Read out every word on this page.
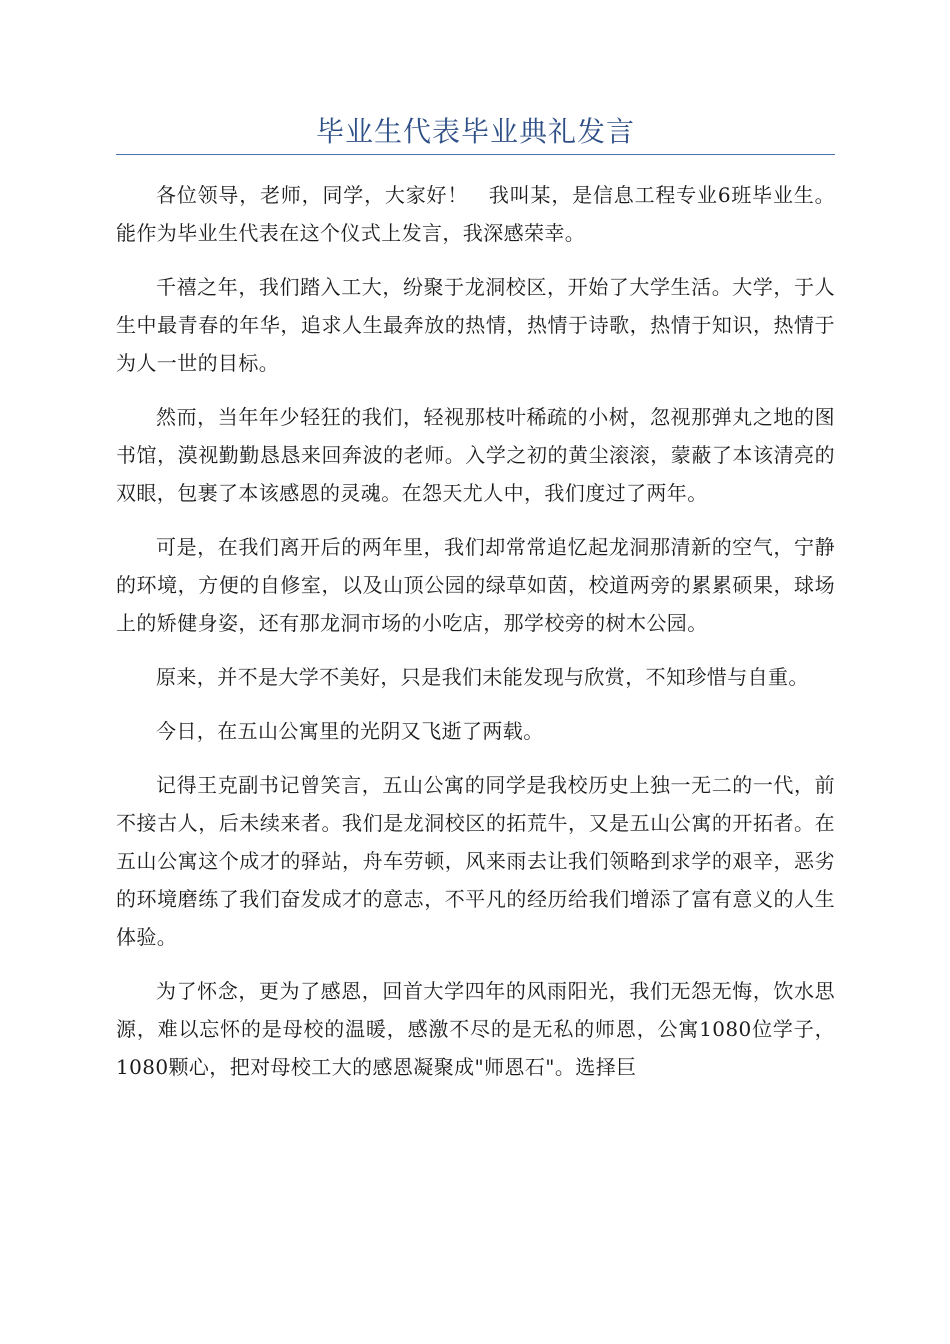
毕业生代表毕业典礼发言

各位领导，老师，同学，大家好！　我叫某，是信息工程专业6班毕业生。能作为毕业生代表在这个仪式上发言，我深感荣幸。

千禧之年，我们踏入工大，纷聚于龙洞校区，开始了大学生活。大学，于人生中最青春的年华，追求人生最奔放的热情，热情于诗歌，热情于知识，热情于为人一世的目标。

然而，当年年少轻狂的我们，轻视那枝叶稀疏的小树，忽视那弹丸之地的图书馆，漠视勤勤恳恳来回奔波的老师。入学之初的黄尘滚滚，蒙蔽了本该清亮的双眼，包裹了本该感恩的灵魂。在怨天尤人中，我们度过了两年。

可是，在我们离开后的两年里，我们却常常追忆起龙洞那清新的空气，宁静的环境，方便的自修室，以及山顶公园的绿草如茵，校道两旁的累累硕果，球场上的矫健身姿，还有那龙洞市场的小吃店，那学校旁的树木公园。

原来，并不是大学不美好，只是我们未能发现与欣赏，不知珍惜与自重。

今日，在五山公寓里的光阴又飞逝了两载。

记得王克副书记曾笑言，五山公寓的同学是我校历史上独一无二的一代，前不接古人，后未续来者。我们是龙洞校区的拓荒牛，又是五山公寓的开拓者。在五山公寓这个成才的驿站，舟车劳顿，风来雨去让我们领略到求学的艰辛，恶劣的环境磨练了我们奋发成才的意志，不平凡的经历给我们增添了富有意义的人生体验。

为了怀念，更为了感恩，回首大学四年的风雨阳光，我们无怨无悔，饮水思源，难以忘怀的是母校的温暖，感激不尽的是无私的师恩，公寓1080位学子，1080颗心，把对母校工大的感恩凝聚成"师恩石"。选择巨
